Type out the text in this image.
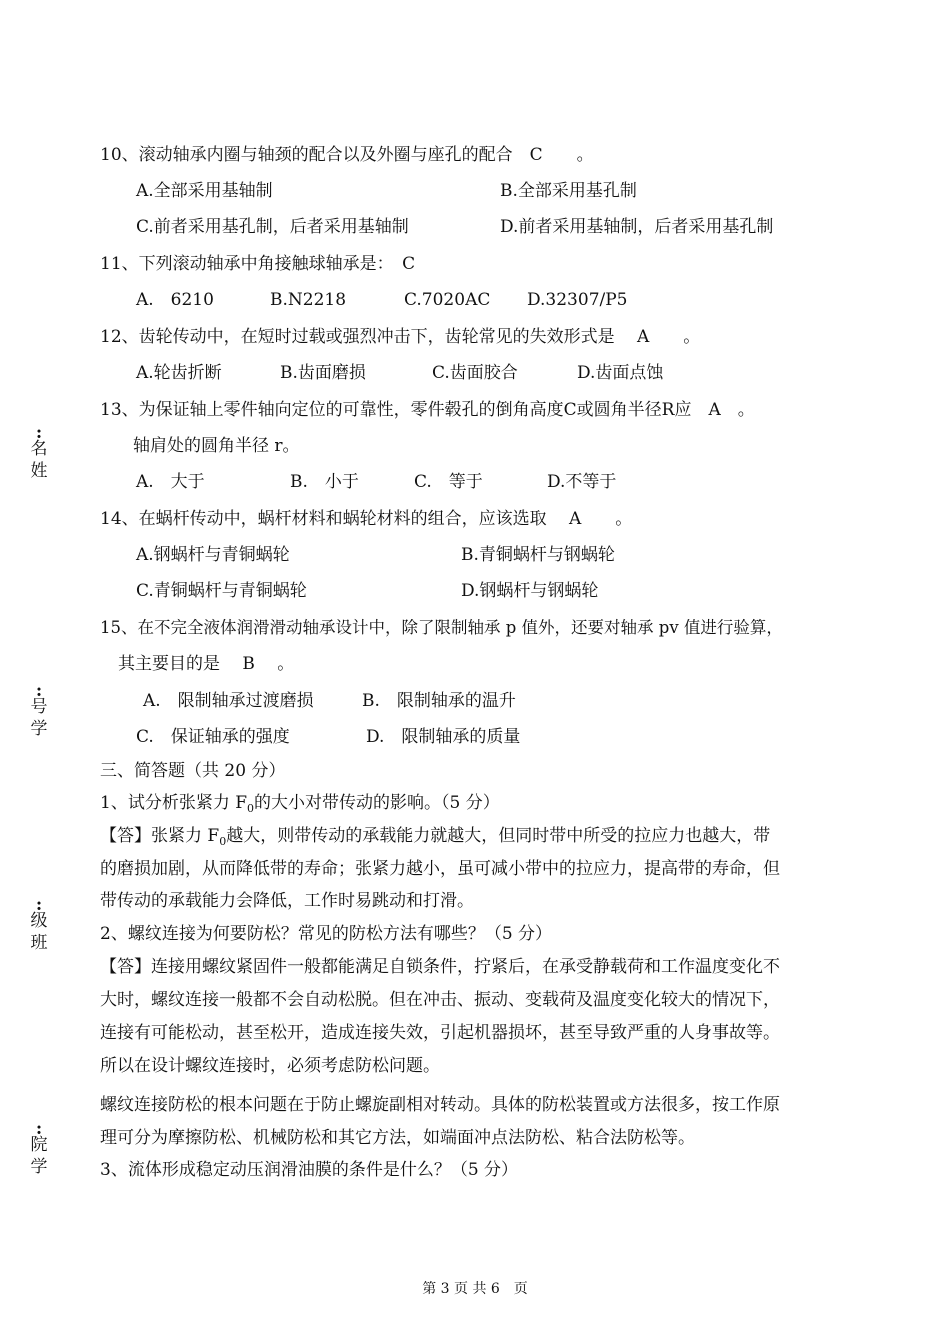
:
名
姓
:
号
学
:
级
班
:
院
学
10、滚动轴承内圈与轴颈的配合以及外圈与座孔的配合　C　　。
A.全部采用基轴制	B.全部采用基孔制
C.前者采用基孔制，后者采用基轴制	D.前者采用基轴制，后者采用基孔制
11、下列滚动轴承中角接触球轴承是：　C
A.　6210	B.N2218	C.7020AC D.32307/P5
12、齿轮传动中，在短时过载或强烈冲击下，齿轮常见的失效形式是　 A　　。
A.轮齿折断	B.齿面磨损	C.齿面胶合	D.齿面点蚀
13、为保证轴上零件轴向定位的可靠性，零件毂孔的倒角高度C或圆角半径R应　A　。
轴肩处的圆角半径 r。
A.　大于	B.　小于	C.　等于	D.不等于
14、在蜗杆传动中，蜗杆材料和蜗轮材料的组合，应该选取　 A　　。
A.钢蜗杆与青铜蜗轮	B.青铜蜗杆与钢蜗轮
C.青铜蜗杆与青铜蜗轮	D.钢蜗杆与钢蜗轮
15、在不完全液体润滑滑动轴承设计中，除了限制轴承 p 值外，还要对轴承 pv 值进行验算，
其主要目的是　 B　 。
A.　限制轴承过渡磨损	B.　限制轴承的温升
C.　保证轴承的强度	D.　限制轴承的质量
三、简答题（共 20 分）
1、试分析张紧力 $F_0$的大小对带传动的影响。（5 分）
【答】张紧力 $F_0$越大，则带传动的承载能力就越大，但同时带中所受的拉应力也越大，带
的磨损加剧，从而降低带的寿命；张紧力越小，虽可减小带中的拉应力，提高带的寿命，但
带传动的承载能力会降低，工作时易跳动和打滑。
2、螺纹连接为何要防松？常见的防松方法有哪些？（5 分）
【答】连接用螺纹紧固件一般都能满足自锁条件，拧紧后，在承受静载荷和工作温度变化不
大时，螺纹连接一般都不会自动松脱。但在冲击、振动、变载荷及温度变化较大的情况下，
连接有可能松动，甚至松开，造成连接失效，引起机器损坏，甚至导致严重的人身事故等。
所以在设计螺纹连接时，必须考虑防松问题。
螺纹连接防松的根本问题在于防止螺旋副相对转动。具体的防松装置或方法很多，按工作原
理可分为摩擦防松、机械防松和其它方法，如端面冲点法防松、粘合法防松等。
3、流体形成稳定动压润滑油膜的条件是什么？（5 分）
第 3 页 共 6　页
